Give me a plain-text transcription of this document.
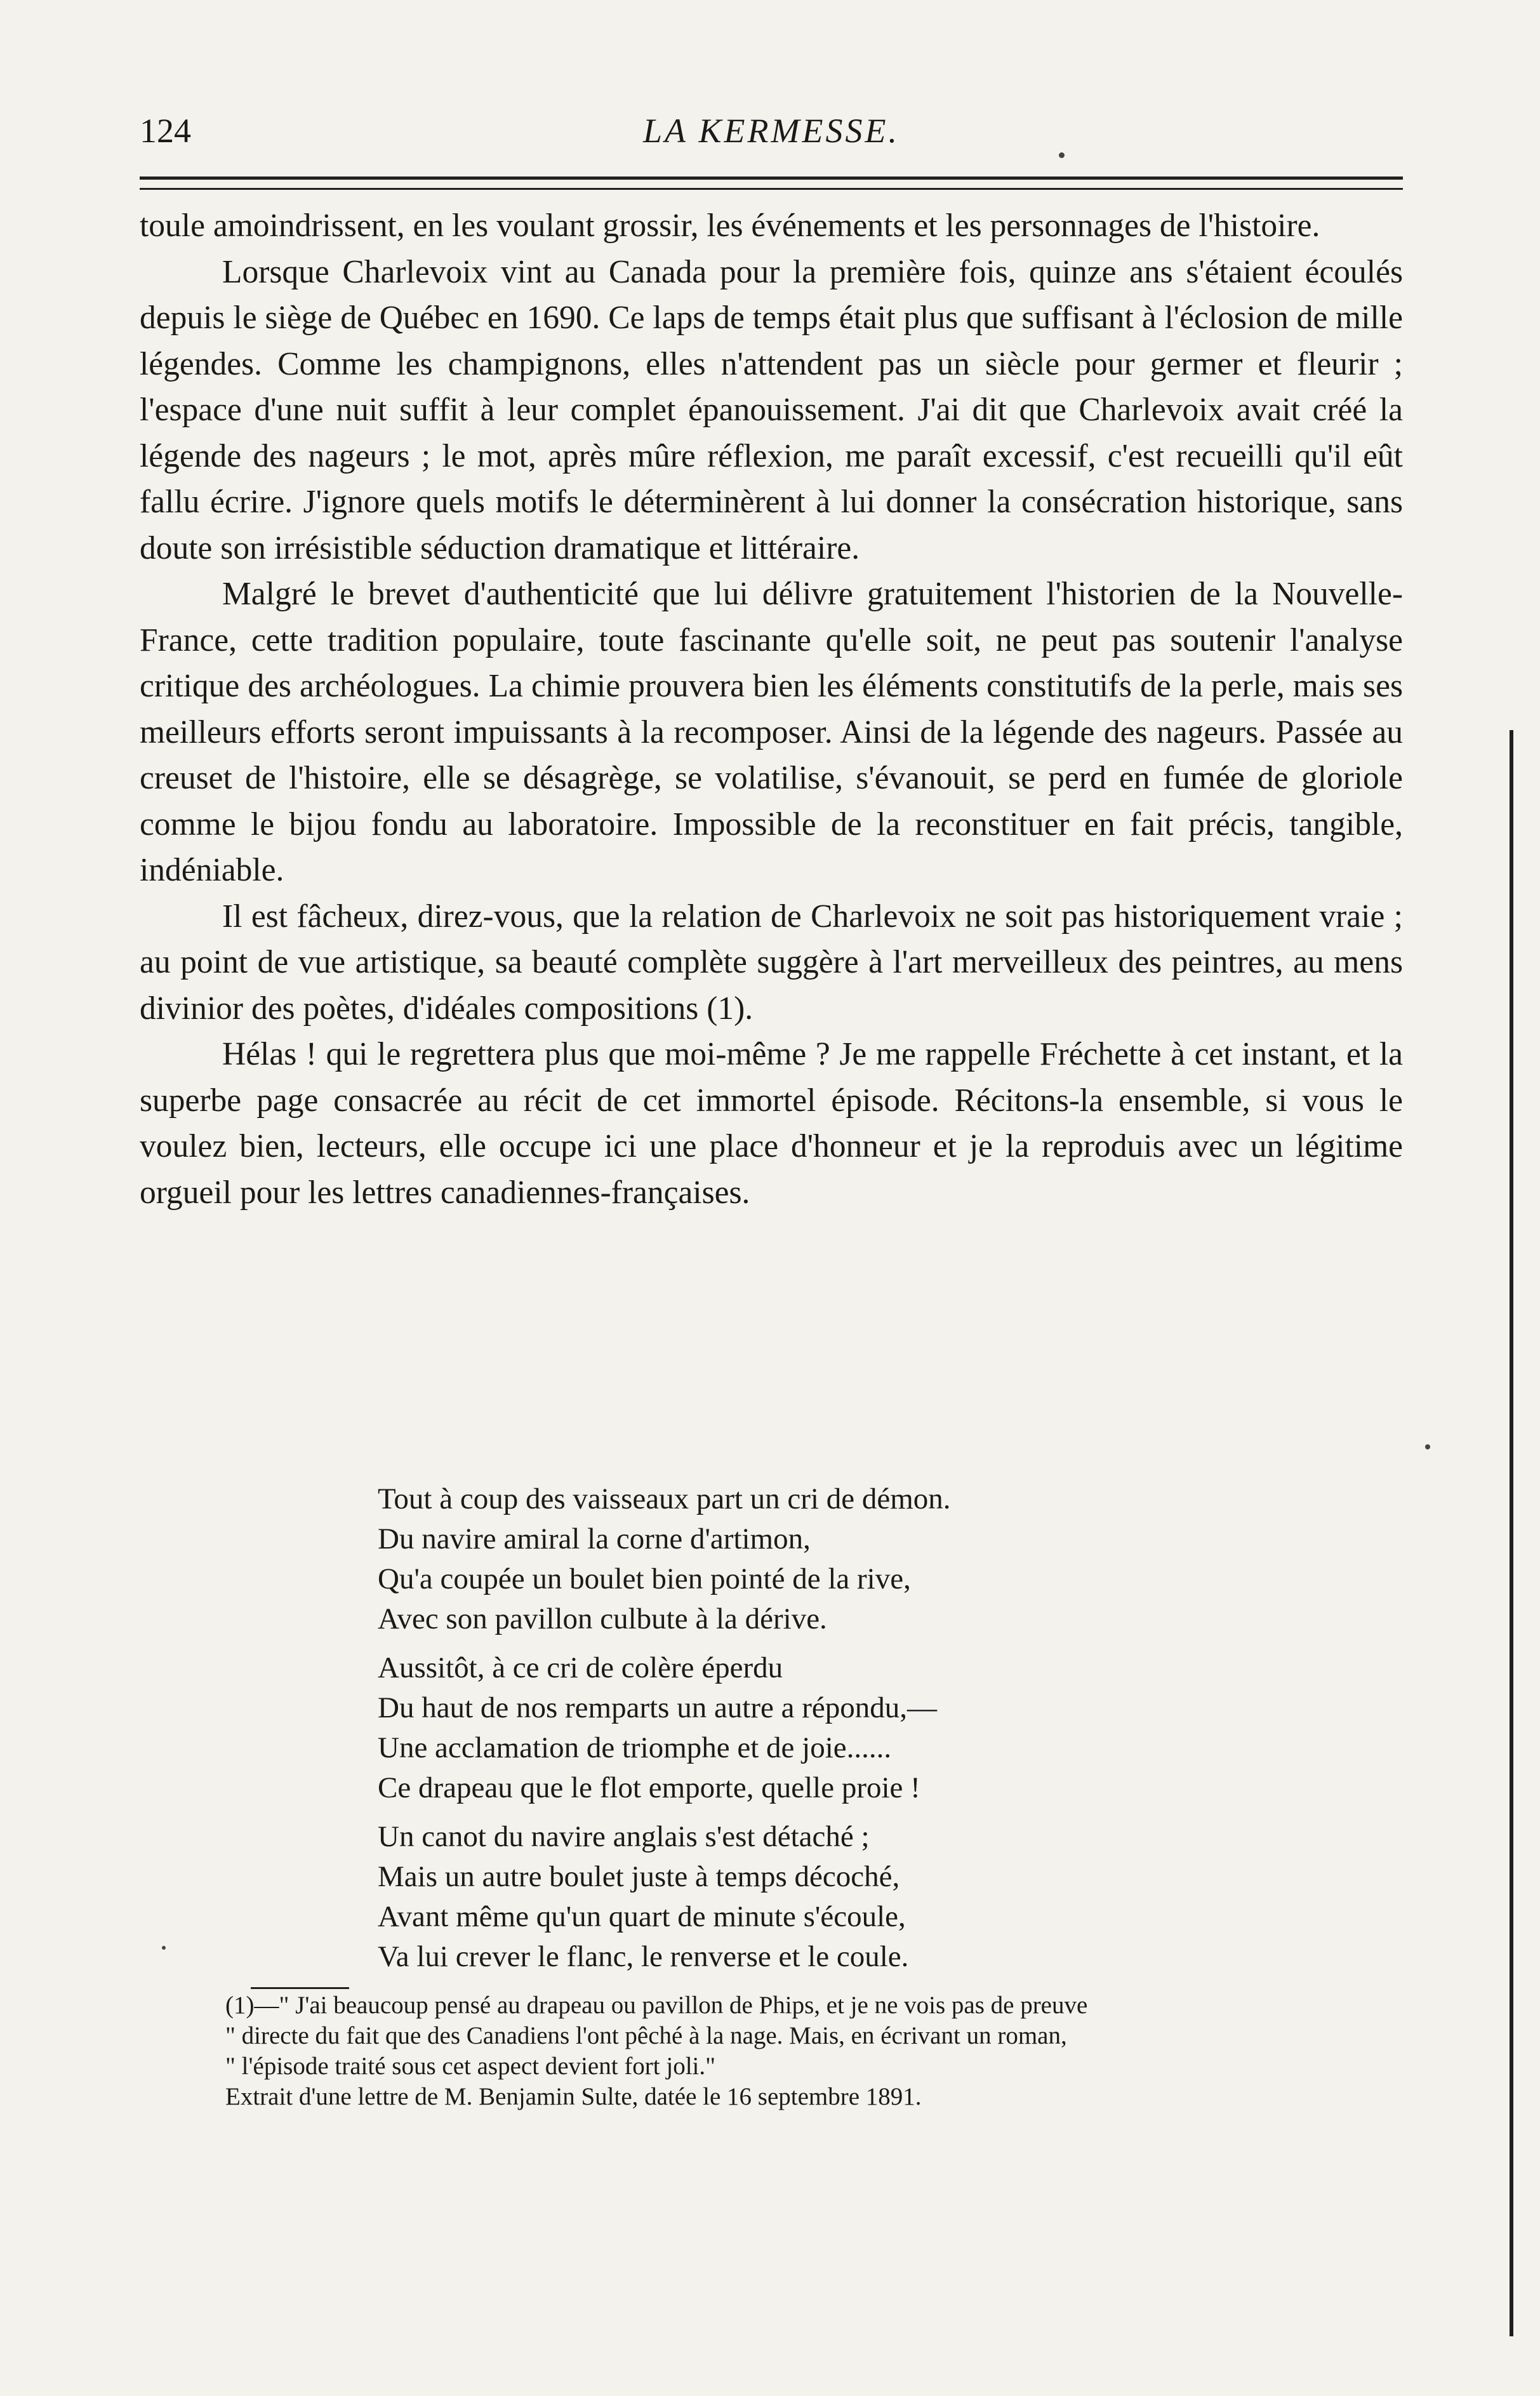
124	LA KERMESSE.

toule amoindrissent, en les voulant grossir, les événements et les personnages de l'histoire.

Lorsque Charlevoix vint au Canada pour la première fois, quinze ans s'étaient écoulés depuis le siège de Québec en 1690. Ce laps de temps était plus que suffisant à l'éclosion de mille légendes. Comme les champignons, elles n'attendent pas un siècle pour germer et fleurir ; l'espace d'une nuit suffit à leur complet épanouissement. J'ai dit que Charlevoix avait créé la légende des nageurs ; le mot, après mûre réflexion, me paraît excessif, c'est recueilli qu'il eût fallu écrire. J'ignore quels motifs le déterminèrent à lui donner la consécration historique, sans doute son irrésistible séduction dramatique et littéraire.

Malgré le brevet d'authenticité que lui délivre gratuitement l'historien de la Nouvelle-France, cette tradition populaire, toute fascinante qu'elle soit, ne peut pas soutenir l'analyse critique des archéologues. La chimie prouvera bien les éléments constitutifs de la perle, mais ses meilleurs efforts seront impuissants à la recomposer. Ainsi de la légende des nageurs. Passée au creuset de l'histoire, elle se désagrège, se volatilise, s'évanouit, se perd en fumée de gloriole comme le bijou fondu au laboratoire. Impossible de la reconstituer en fait précis, tangible, indéniable.

Il est fâcheux, direz-vous, que la relation de Charlevoix ne soit pas historiquement vraie ; au point de vue artistique, sa beauté complète suggère à l'art merveilleux des peintres, au mens divinior des poètes, d'idéales compositions (1).

Hélas ! qui le regrettera plus que moi-même ? Je me rappelle Fréchette à cet instant, et la superbe page consacrée au récit de cet immortel épisode. Récitons-la ensemble, si vous le voulez bien, lecteurs, elle occupe ici une place d'honneur et je la reproduis avec un légitime orgueil pour les lettres canadiennes-françaises.

Tout à coup des vaisseaux part un cri de démon.
Du navire amiral la corne d'artimon,
Qu'a coupée un boulet bien pointé de la rive,
Avec son pavillon culbute à la dérive.
Aussitôt, à ce cri de colère éperdu
Du haut de nos remparts un autre a répondu,—
Une acclamation de triomphe et de joie......
Ce drapeau que le flot emporte, quelle proie !
Un canot du navire anglais s'est détaché ;
Mais un autre boulet juste à temps décoché,
Avant même qu'un quart de minute s'écoule,
Va lui crever le flanc, le renverse et le coule.
(1)—" J'ai beaucoup pensé au drapeau ou pavillon de Phips, et je ne vois pas de preuve
" directe du fait que des Canadiens l'ont pêché à la nage. Mais, en écrivant un roman,
" l'épisode traité sous cet aspect devient fort joli."
Extrait d'une lettre de M. Benjamin Sulte, datée le 16 septembre 1891.
